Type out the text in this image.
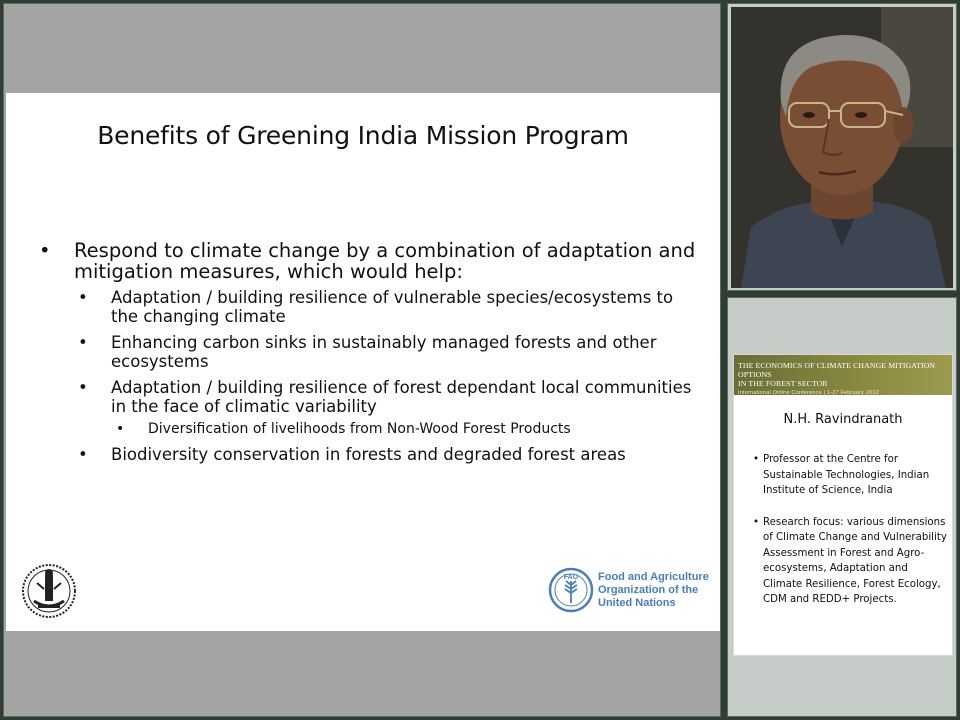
Benefits of Greening India Mission Program
• Respond to climate change by a combination of adaptation and mitigation measures, which would help:
• Adaptation / building resilience of vulnerable species/ecosystems to the changing climate
• Enhancing carbon sinks in sustainably managed forests and other ecosystems
• Adaptation / building resilience of forest dependant local communities in the face of climatic variability
• Diversification of livelihoods from Non-Wood Forest Products
• Biodiversity conservation in forests and degraded forest areas
FAO Food and Agriculture
Organization of the
United Nations
THE ECONOMICS OF CLIMATE CHANGE MITIGATION OPTIONS
IN THE FOREST SECTOR
International Online Conference | 1-27 February 2012
N.H. Ravindranath
• Professor at the Centre for Sustainable Technologies, Indian Institute of Science, India
• Research focus: various dimensions of Climate Change and Vulnerability Assessment in Forest and Agro-ecosystems, Adaptation and Climate Resilience, Forest Ecology, CDM and REDD+ Projects.
